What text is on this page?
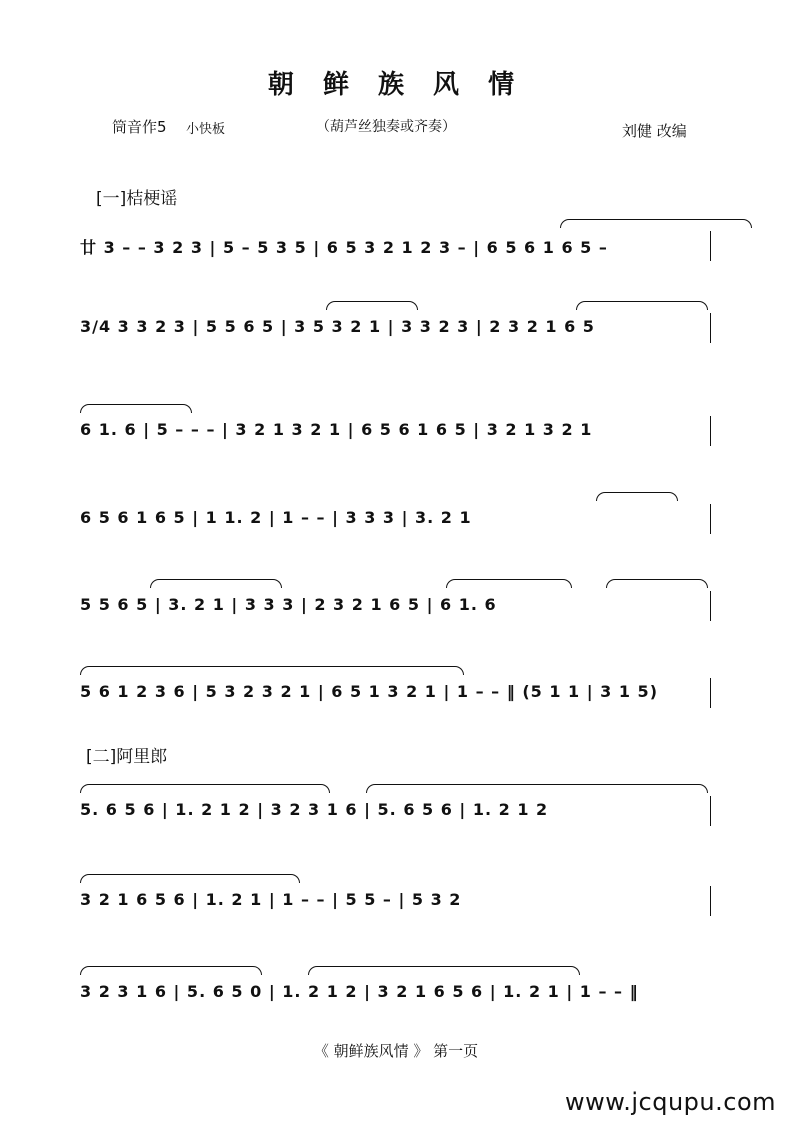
朝 鲜 族 风 情
筒音作5 小快板	（葫芦丝独奏或齐奏）	刘健 改编
[一]桔梗谣
[二]阿里郎
廿 3 – – 3 2 3 | 5 – 5 3 5 | 6 5 3 2 1 2 3 – | 6 5 6 1 6 5 –
3/4 3 3 2 3 | 5 5 6 5 | 3 5 3 2 1 | 3 3 2 3 | 2 3 2 1 6 5
6 1. 6 | 5 – – – | 3 2 1 3 2 1 | 6 5 6 1 6 5 | 3 2 1 3 2 1
6 5 6 1 6 5 | 1 1. 2 | 1 – – | 3 3 3 | 3. 2 1
5 5 6 5 | 3. 2 1 | 3 3 3 | 2 3 2 1 6 5 | 6 1. 6
5 6 1 2 3 6 | 5 3 2 3 2 1 | 6 5 1 3 2 1 | 1 – – ‖ (5 1 1 | 3 1 5)
5. 6 5 6 | 1. 2 1 2 | 3 2 3 1 6 | 5. 6 5 6 | 1. 2 1 2
3 2 1 6 5 6 | 1. 2 1 | 1 – – | 5 5 – | 5 3 2
3 2 3 1 6 | 5. 6 5 0 | 1. 2 1 2 | 3 2 1 6 5 6 | 1. 2 1 | 1 – – ‖
《 朝鲜族风情 》 第一页
www.jcqupu.com
